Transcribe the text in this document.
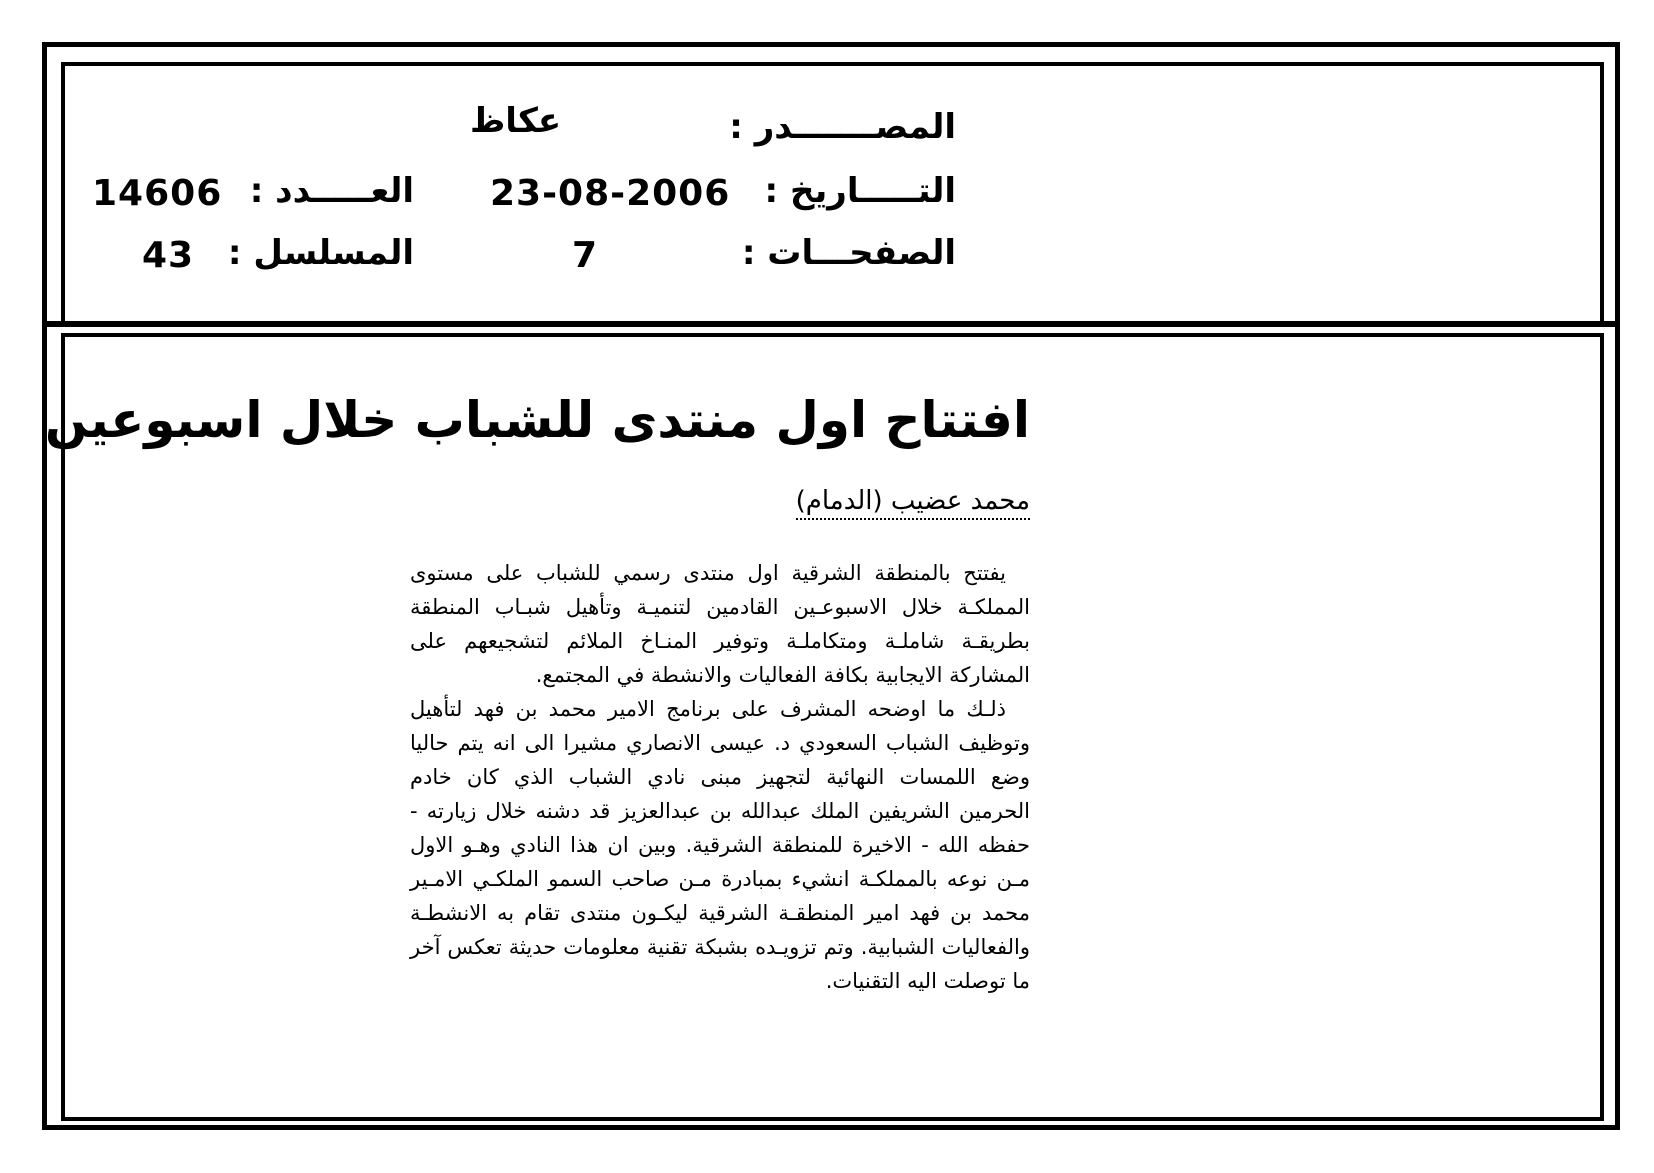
المصـــــــدر :
عكاظ
التـــــاريخ :
23-08-2006
العـــــدد :
14606
الصفحـــات :
7
المسلسل :
43
افتتاح اول منتدى للشباب خلال اسبوعين
محمد عضيب (الدمام)

يفتتح بالمنطقة الشرقية اول منتدى رسمي للشباب على مستوى المملكـة خلال الاسبوعـين القادمين لتنميـة وتأهيل شبـاب المنطقة بطريقـة شاملـة ومتكاملـة وتوفير المنـاخ الملائم لتشجيعهم على المشاركة الايجابية بكافة الفعاليات والانشطة في المجتمع.

ذلـك ما اوضحه المشرف على برنامج الامير محمد بن فهد لتأهيل وتوظيف الشباب السعودي د. عيسى الانصاري مشيرا الى انه يتم حاليا وضع اللمسات النهائية لتجهيز مبنى نادي الشباب الذي كان خادم الحرمين الشريفين الملك عبدالله بن عبدالعزيز قد دشنه خلال زيارته - حفظه الله - الاخيرة للمنطقة الشرقية. وبين ان هذا النادي وهـو الاول مـن نوعه بالمملكـة انشيء بمبادرة مـن صاحب السمو الملكـي الامـير محمد بن فهد امير المنطقـة الشرقية ليكـون منتدى تقام به الانشطـة والفعاليات الشبابية. وتم تزويـده بشبكة تقنية معلومات حديثة تعكس آخر ما توصلت اليه التقنيات.
